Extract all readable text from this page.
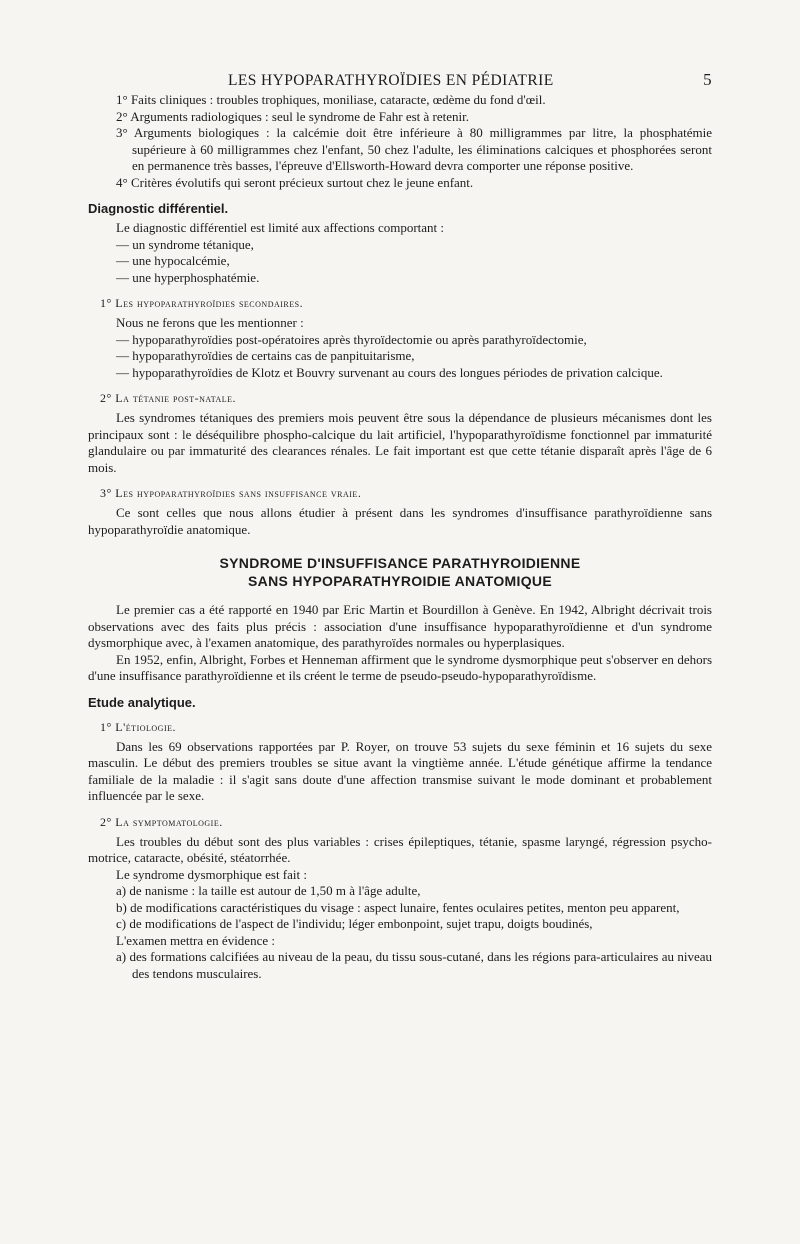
LES HYPOPARATHYROÏDIES EN PÉDIATRIE	5

1° Faits cliniques : troubles trophiques, moniliase, cataracte, œdème du fond d'œil.

2° Arguments radiologiques : seul le syndrome de Fahr est à retenir.

3° Arguments biologiques : la calcémie doit être inférieure à 80 milligrammes par litre, la phosphatémie supérieure à 60 milligrammes chez l'enfant, 50 chez l'adulte, les éliminations calciques et phosphorées seront en permanence très basses, l'épreuve d'Ellsworth-Howard devra comporter une réponse positive.

4° Critères évolutifs qui seront précieux surtout chez le jeune enfant.

Diagnostic différentiel.

Le diagnostic différentiel est limité aux affections comportant :

— un syndrome tétanique,

— une hypocalcémie,

— une hyperphosphatémie.

1° Les hypoparathyroïdies secondaires.

Nous ne ferons que les mentionner :

— hypoparathyroïdies post-opératoires après thyroïdectomie ou après parathyroïdectomie,

— hypoparathyroïdies de certains cas de panpituitarisme,

— hypoparathyroïdies de Klotz et Bouvry survenant au cours des longues périodes de privation calcique.

2° La tétanie post-natale.

Les syndromes tétaniques des premiers mois peuvent être sous la dépendance de plusieurs mécanismes dont les principaux sont : le déséquilibre phospho-calcique du lait artificiel, l'hypoparathyroïdisme fonctionnel par immaturité glandulaire ou par immaturité des clearances rénales. Le fait important est que cette tétanie disparaît après l'âge de 6 mois.

3° Les hypoparathyroïdies sans insuffisance vraie.

Ce sont celles que nous allons étudier à présent dans les syndromes d'insuffisance parathyroïdienne sans hypoparathyroïdie anatomique.

SYNDROME D'INSUFFISANCE PARATHYROIDIENNE
SANS HYPOPARATHYROIDIE ANATOMIQUE

Le premier cas a été rapporté en 1940 par Eric Martin et Bourdillon à Genève. En 1942, Albright décrivait trois observations avec des faits plus précis : association d'une insuffisance hypoparathyroïdienne et d'un syndrome dysmorphique avec, à l'examen anatomique, des parathyroïdes normales ou hyperplasiques.

En 1952, enfin, Albright, Forbes et Henneman affirment que le syndrome dysmorphique peut s'observer en dehors d'une insuffisance parathyroïdienne et ils créent le terme de pseudo-pseudo-hypoparathyroïdisme.

Etude analytique.
1° L'étiologie.

Dans les 69 observations rapportées par P. Royer, on trouve 53 sujets du sexe féminin et 16 sujets du sexe masculin. Le début des premiers troubles se situe avant la vingtième année. L'étude génétique affirme la tendance familiale de la maladie : il s'agit sans doute d'une affection transmise suivant le mode dominant et probablement influencée par le sexe.

2° La symptomatologie.

Les troubles du début sont des plus variables : crises épileptiques, tétanie, spasme laryngé, régression psycho-motrice, cataracte, obésité, stéatorrhée.

Le syndrome dysmorphique est fait :

a) de nanisme : la taille est autour de 1,50 m à l'âge adulte,

b) de modifications caractéristiques du visage : aspect lunaire, fentes oculaires petites, menton peu apparent,

c) de modifications de l'aspect de l'individu; léger embonpoint, sujet trapu, doigts boudinés,

L'examen mettra en évidence :

a) des formations calcifiées au niveau de la peau, du tissu sous-cutané, dans les régions para-articulaires au niveau des tendons musculaires.
